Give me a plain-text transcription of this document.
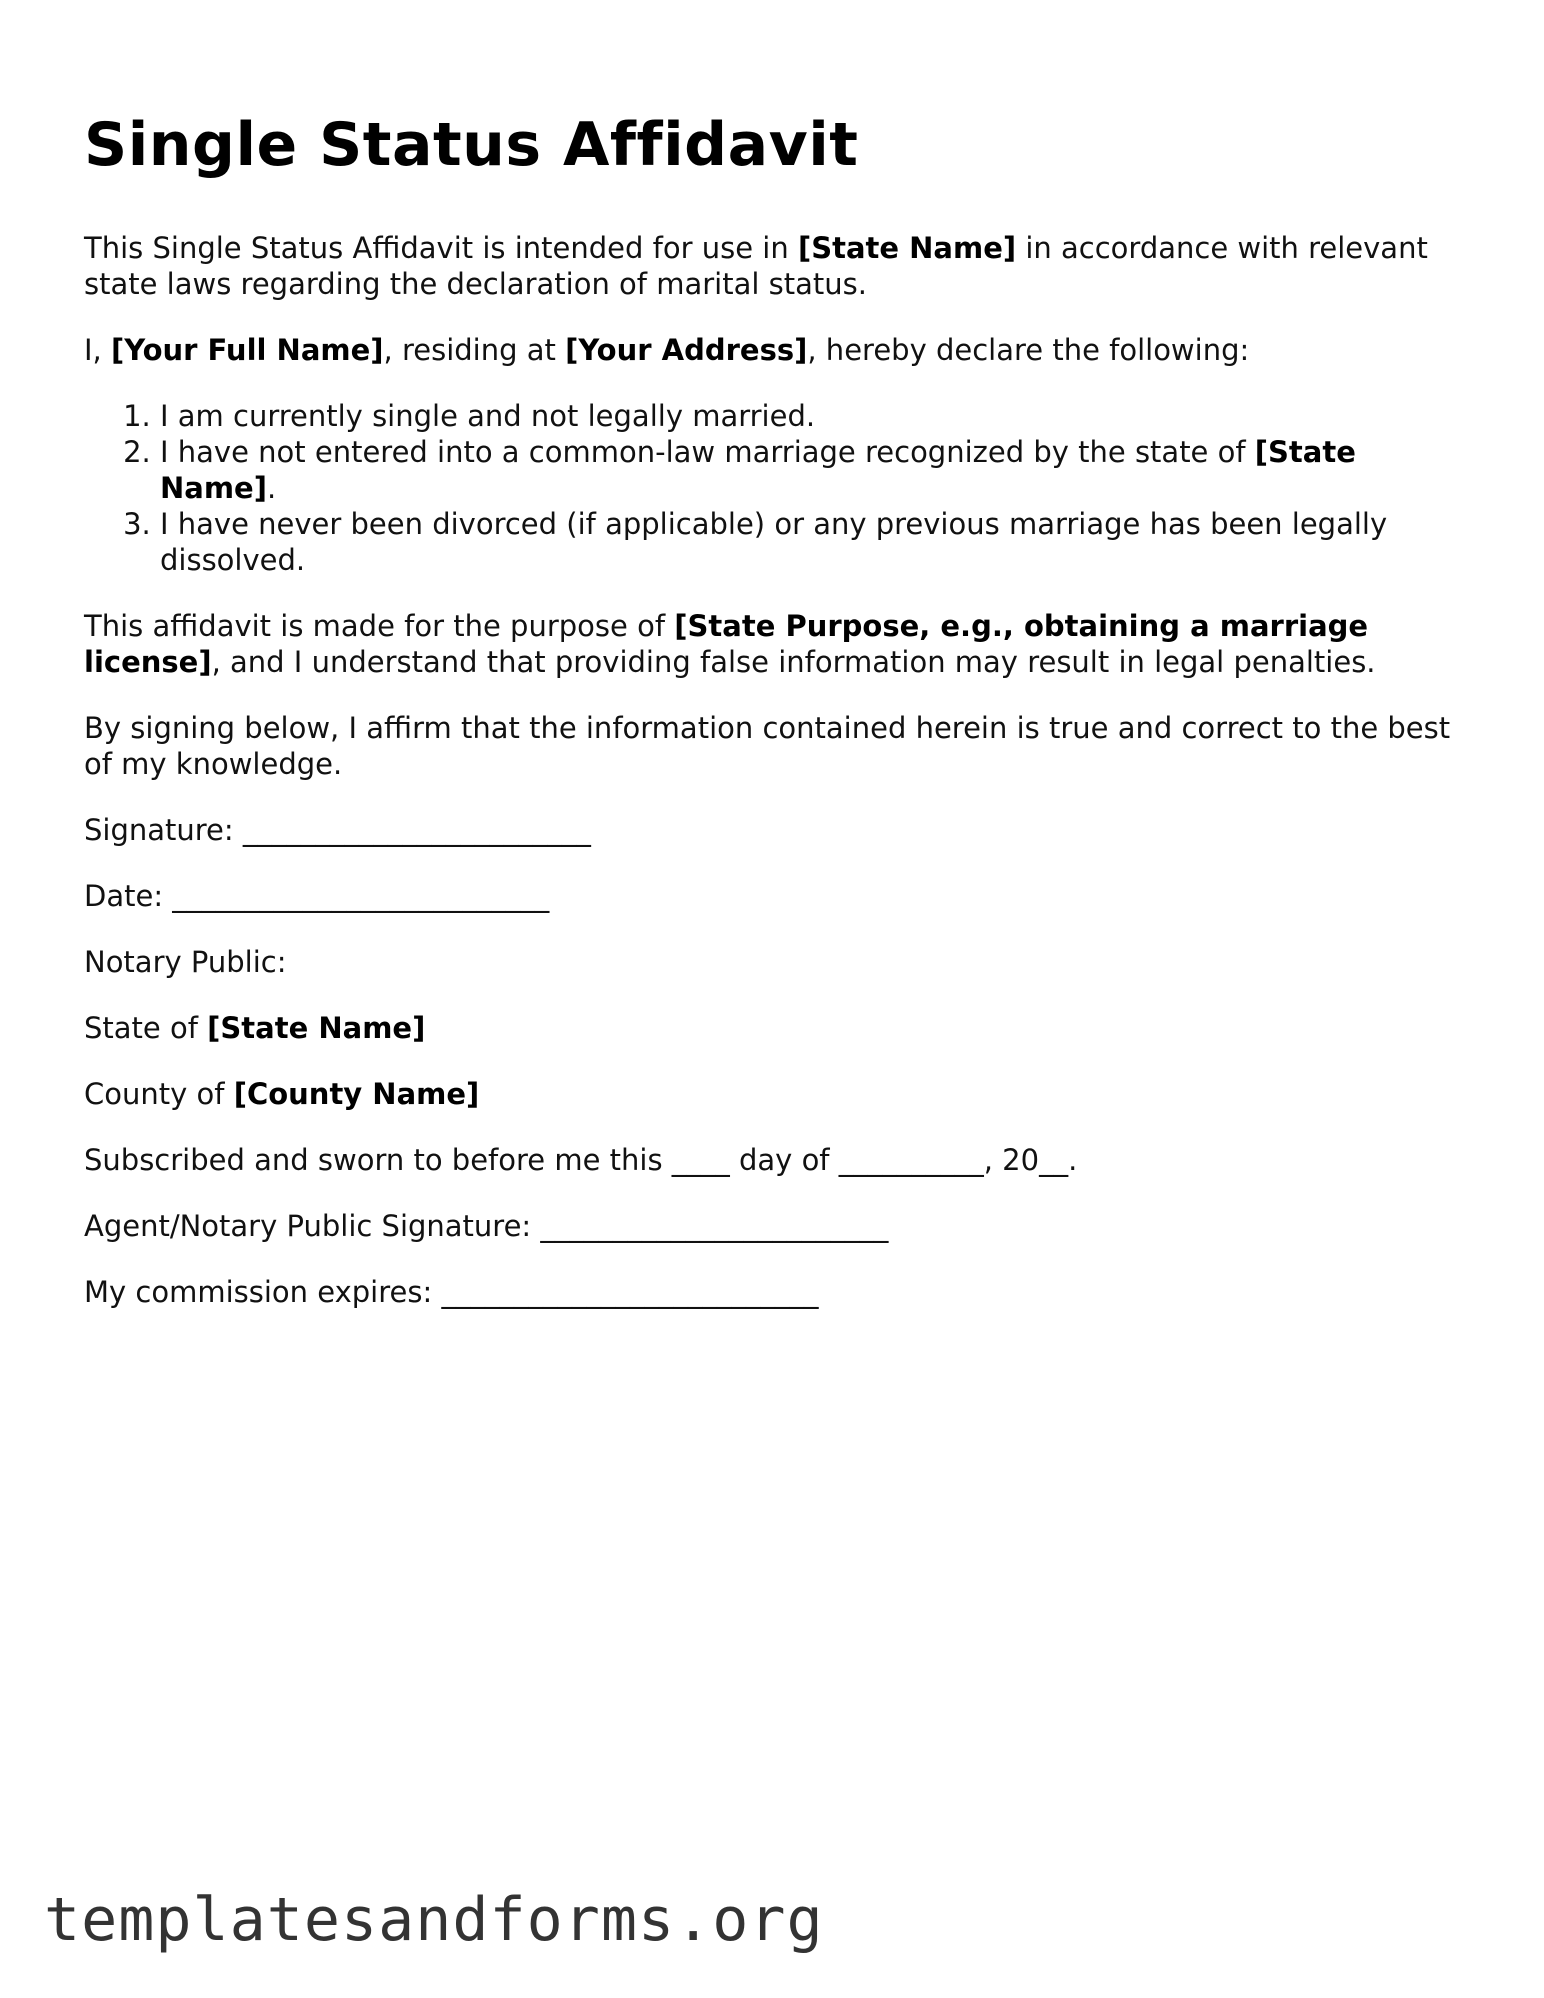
Single Status Affidavit

This Single Status Affidavit is intended for use in [State Name] in accordance with relevant state laws regarding the declaration of marital status.

I, [Your Full Name], residing at [Your Address], hereby declare the following:

1. I am currently single and not legally married.
2. I have not entered into a common-law marriage recognized by the state of [State Name].
3. I have never been divorced (if applicable) or any previous marriage has been legally dissolved.

This affidavit is made for the purpose of [State Purpose, e.g., obtaining a marriage license], and I understand that providing false information may result in legal penalties.

By signing below, I affirm that the information contained herein is true and correct to the best of my knowledge.

Signature: ________________________
Date: __________________________
Notary Public:
State of [State Name]
County of [County Name]
Subscribed and sworn to before me this ____ day of __________, 20__.
Agent/Notary Public Signature: ________________________
My commission expires: __________________________
templatesandforms.org
